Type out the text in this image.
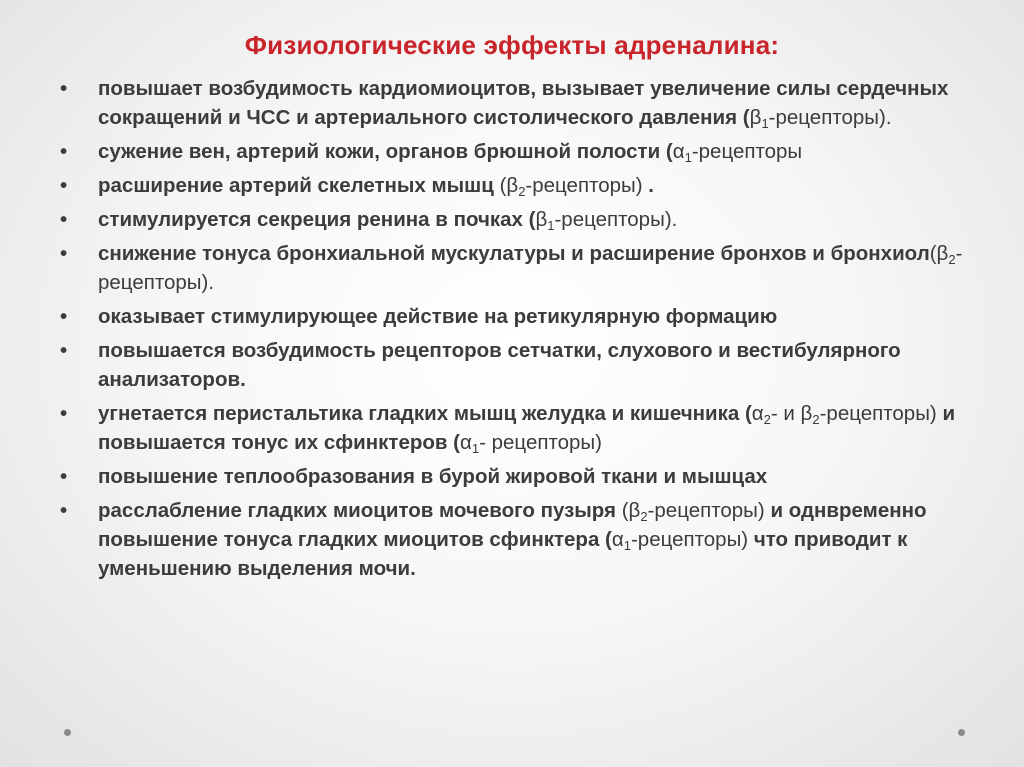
Физиологические эффекты адреналина:
• повышает возбудимость кардиомиоцитов, вызывает увеличение силы сердечных сокращений и ЧСС и артериального систолического давления $(\beta_1-рецепторы)$.
• сужение вен, артерий кожи, органов брюшной полости ($\alpha_1$-рецепторы
• расширение артерий скелетных мышц $(\beta_2-рецепторы)$ .
• стимулируется секреция ренина в почках $(\beta_1-рецепторы)$.
• снижение тонуса бронхиальной мускулатуры и расширение бронхов и $бронхиол(\beta_2-рецепторы)$.
• оказывает стимулирующее действие на ретикулярную формацию
• повышается возбудимость рецепторов сетчатки, слухового и вестибулярного анализаторов.
• угнетается перистальтика гладких мышц желудка и кишечника ($\alpha_2-$ и $\beta_2-рецепторы$) и повышается тонус их сфинктеров ($\alpha_1-$ рецепторы)
• повышение теплообразования в бурой жировой ткани и мышцах
• расслабление гладких миоцитов мочевого пузыря $(\beta_2-рецепторы)$ и однвременно повышение тонуса гладких миоцитов сфинктера $(\alpha_1-рецепторы)$ что приводит к уменьшению выделения мочи.
